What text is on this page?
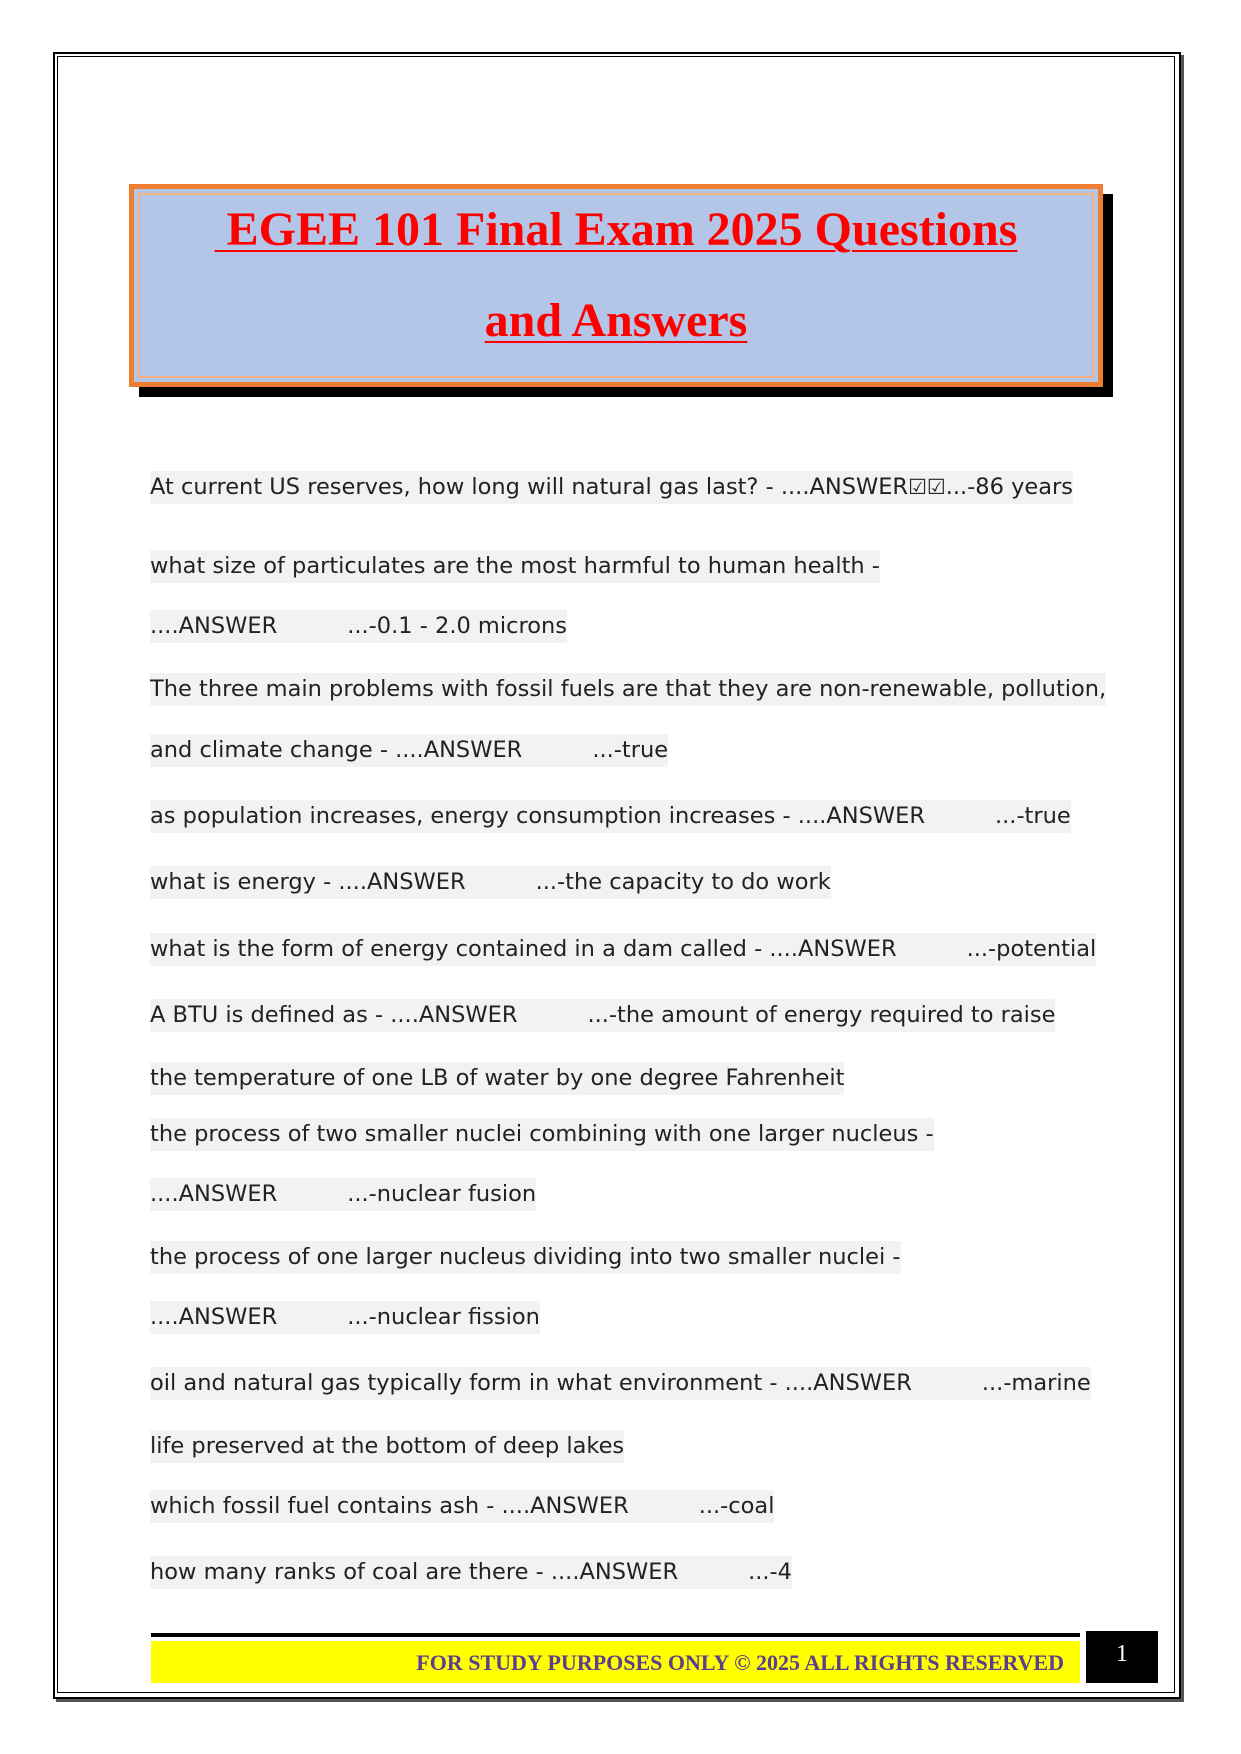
EGEE 101 Final Exam 2025 Questions
and Answers
At current US reserves, how long will natural gas last? - ....ANSWER☑☑...-86 years
what size of particulates are the most harmful to human health -
....ANSWER	...-0.1 - 2.0 microns
The three main problems with fossil fuels are that they are non-renewable, pollution,
and climate change - ....ANSWER	...-true
as population increases, energy consumption increases - ....ANSWER	...-true
what is energy - ....ANSWER	...-the capacity to do work
what is the form of energy contained in a dam called - ....ANSWER	...-potential
A BTU is defined as - ....ANSWER	...-the amount of energy required to raise
the temperature of one LB of water by one degree Fahrenheit
the process of two smaller nuclei combining with one larger nucleus -
....ANSWER	...-nuclear fusion
the process of one larger nucleus dividing into two smaller nuclei -
....ANSWER	...-nuclear fission
oil and natural gas typically form in what environment - ....ANSWER	...-marine
life preserved at the bottom of deep lakes
which fossil fuel contains ash - ....ANSWER	...-coal
how many ranks of coal are there - ....ANSWER	...-4
FOR STUDY PURPOSES ONLY © 2025 ALL RIGHTS RESERVED	1
